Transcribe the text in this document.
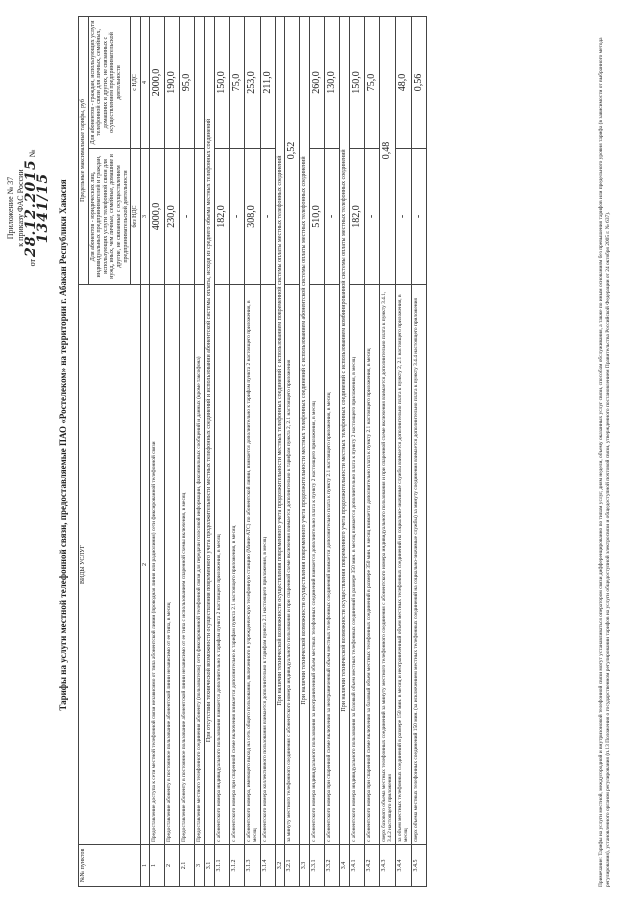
Приложение № 37 к приказу ФАС России
от 28.12.2015 № 1341/15 Тарифы на услуги местной телефонной связи, предоставляемые ПАО «Ростелеком» на территории г. Абакан Республики Хакасия
№№ пунктов	ВИДЫ УСЛУГ	Предельные максимальные тарифы, руб	
		Для абонентов - юридических лиц, индивидуальных предпринимателей и граждан, использующих услуги телефонной связи для нужд, иных, чем личные, семейные, домашние и другие, не связанные с осуществлением предпринимательской деятельности	Для абонентов - граждан, использующих услуги телефонной связи для личных, семейных, домашних и других, не связанных с осуществлением предпринимательской деятельности
		без НДС	с НДС
1	2	3	4
1	Предоставление доступа к сети местной телефонной связи независимо от типа абонентской линии (проводная линия или радиолиния) сети фиксированной телефонной связи	4000,0	2000,0
2	Предоставление абоненту в постоянное пользование абонентской линии независимо от ее типа, в месяц	230,0	190,0
2.1	Предоставление абоненту в постоянное пользование абонентской линии независимо от ее типа с использованием спаренной схемы включения, в месяц	-	95,0
3	Предоставление местного телефонного соединения абоненту (пользователю) сети фиксированной телефонной связи для передачи голосовой информации, факсимильных сообщений и данных (кроме таксофона)		
3.1	При отсутствии технической возможности осуществления повременного учета продолжительности местных телефонных соединений и использовании абонентской системы оплаты, исходя из среднего объема местных телефонных соединений		
3.1.1	с абонентского номера индивидуального пользования взимается дополнительно к тарифам пункта 2 настоящего приложения, в месяц	182,0	150,0
3.1.2	с абонентского номера при спаренной схеме включения взимается дополнительно к тарифам пункта 2.1 настоящего приложения, в месяц	-	75,0
3.1.3	с абонентского номера, имеющего выход на сеть общего пользования, включенного в учрежденческую телефонную станцию (Мини-АТС) по абонентской линии, взимается дополнительно к тарифам пункта 2 настоящего приложения, в месяц	308,0	253,0
3.1.4	с абонентского номера коллективного пользования взимается дополнительно к тарифам пункта 2.1 настоящего приложения, в месяц	-	211,0
3.2	При наличии технической возможности осуществления повременного учета продолжительности местных телефонных соединений с использованием повременной системы оплаты местных телефонных соединений		
3.2.1	за минуту местного телефонного соединения с абонентского номера индивидуального пользования и при спаренной схеме включения взимается дополнительно к тарифам пункта 2, 2.1 настоящего приложения	0,52	
3.3	При наличии технической возможности осуществления повременного учета продолжительности местных телефонных соединений с использованием абонентской системы оплаты местных телефонных соединений		
3.3.1	с абонентского номера индивидуального пользования за неограниченный объем местных телефонных соединений взимается дополнительно плата к пункту 2 настоящего приложения, в месяц	510,0	260,0
3.3.2	с абонентского номера при спаренной схеме включения за неограниченный объем местных телефонных соединений взимается дополнительно плата к пункту 2.1 настоящего приложения, в месяц	-	130,0
3.4	При наличии технической возможности осуществления повременного учета продолжительности местных телефонных соединений с использованием комбинированной системы оплаты местных телефонных соединений		
3.4.1	с абонентского номера индивидуального пользования за базовый объем местных телефонных соединений в размере 350 мин. в месяц взимается дополнительно плата к пункту 2 настоящего приложения, в месяц	182,0	150,0
3.4.2	с абонентского номера при спаренной схеме включения за базовый объем местных телефонных соединений в размере 350 мин. в месяц взимается дополнительно плата к пункту 2.1 настоящего приложения, в месяц	-	75,0
3.4.3	сверх базового объема местных телефонных соединений за минуту местного телефонного соединения с абонентского номера индивидуального пользования и при спаренной схеме включения взимается дополнительно плата к пункту 3.4.1, 3.4.2 настоящего приложения	0,48	
3.4.4	за объем местных телефонных соединений в размере 150 мин. в месяц и неограниченный объем местных телефонных соединений на социально-значимые службы взимается дополнительно плата к пункту 2, 2.1 настоящего приложения, в месяц	-	48,0
3.4.5	сверх объема местных телефонных соединений 150 мин. (за исключением местных телефонных соединений на социально-значимые службы) за минуту соединения взимается дополнительно плата к пункту 3.4.4 настоящего приложения	-	0,56
Примечание: Тарифы на услуги местной, междугородной и внутризоновой телефонной связи могут устанавливаться оператором связи дифференцированно по типам услуг, дням недели, объему оказанных услуг связи, способам обслуживания, а также по иным основаниям без превышения тарифов или предельного уровня тарифа (в зависимости от выбранного метода регулирования), установленного органом регулирования (п.13 Положения о государственном регулировании тарифов на услуги общедоступной электросвязи и общедоступной почтовой связи, утвержденного постановлением Правительства Российской Федерации от 24 октября 2005 г. № 637).
